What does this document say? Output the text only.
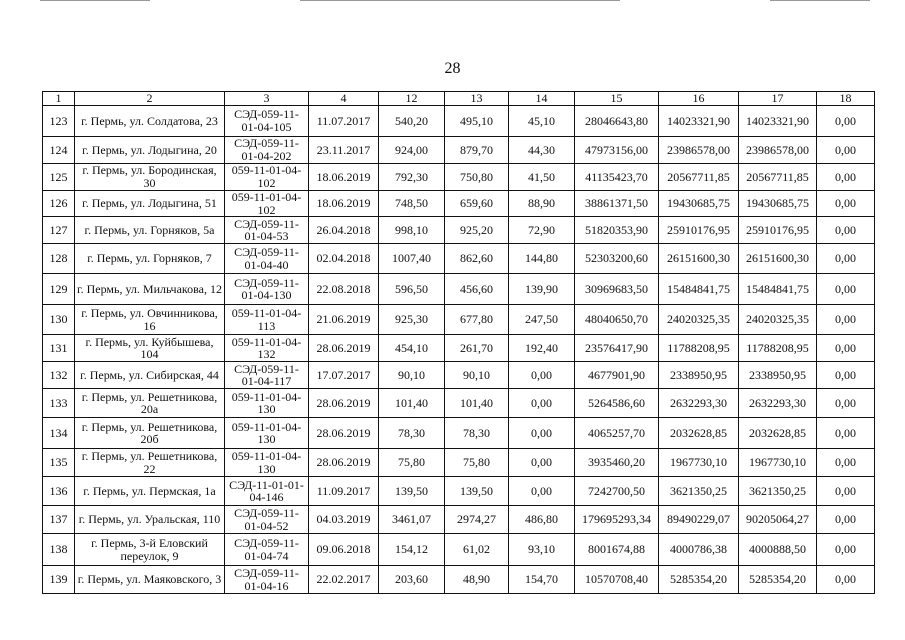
28
1	2	3	4	12	13	14	15	16	17	18
123	г. Пермь, ул. Солдатова, 23	СЭД-059-11-01-04-105	11.07.2017	540,20	495,10	45,10	28046643,80	14023321,90	14023321,90	0,00
124	г. Пермь, ул. Лодыгина, 20	СЭД-059-11-01-04-202	23.11.2017	924,00	879,70	44,30	47973156,00	23986578,00	23986578,00	0,00
125	г. Пермь, ул. Бородинская, 30	059-11-01-04-102	18.06.2019	792,30	750,80	41,50	41135423,70	20567711,85	20567711,85	0,00
126	г. Пермь, ул. Лодыгина, 51	059-11-01-04-102	18.06.2019	748,50	659,60	88,90	38861371,50	19430685,75	19430685,75	0,00
127	г. Пермь, ул. Горняков, 5а	СЭД-059-11-01-04-53	26.04.2018	998,10	925,20	72,90	51820353,90	25910176,95	25910176,95	0,00
128	г. Пермь, ул. Горняков, 7	СЭД-059-11-01-04-40	02.04.2018	1007,40	862,60	144,80	52303200,60	26151600,30	26151600,30	0,00
129	г. Пермь, ул. Мильчакова, 12	СЭД-059-11-01-04-130	22.08.2018	596,50	456,60	139,90	30969683,50	15484841,75	15484841,75	0,00
130	г. Пермь, ул. Овчинникова, 16	059-11-01-04-113	21.06.2019	925,30	677,80	247,50	48040650,70	24020325,35	24020325,35	0,00
131	г. Пермь, ул. Куйбышева, 104	059-11-01-04-132	28.06.2019	454,10	261,70	192,40	23576417,90	11788208,95	11788208,95	0,00
132	г. Пермь, ул. Сибирская, 44	СЭД-059-11-01-04-117	17.07.2017	90,10	90,10	0,00	4677901,90	2338950,95	2338950,95	0,00
133	г. Пермь, ул. Решетникова, 20а	059-11-01-04-130	28.06.2019	101,40	101,40	0,00	5264586,60	2632293,30	2632293,30	0,00
134	г. Пермь, ул. Решетникова, 20б	059-11-01-04-130	28.06.2019	78,30	78,30	0,00	4065257,70	2032628,85	2032628,85	0,00
135	г. Пермь, ул. Решетникова, 22	059-11-01-04-130	28.06.2019	75,80	75,80	0,00	3935460,20	1967730,10	1967730,10	0,00
136	г. Пермь, ул. Пермская, 1а	СЭД-11-01-01-04-146	11.09.2017	139,50	139,50	0,00	7242700,50	3621350,25	3621350,25	0,00
137	г. Пермь, ул. Уральская, 110	СЭД-059-11-01-04-52	04.03.2019	3461,07	2974,27	486,80	179695293,34	89490229,07	90205064,27	0,00
138	г. Пермь, 3-й Еловский переулок, 9	СЭД-059-11-01-04-74	09.06.2018	154,12	61,02	93,10	8001674,88	4000786,38	4000888,50	0,00
139	г. Пермь, ул. Маяковского, 3	СЭД-059-11-01-04-16	22.02.2017	203,60	48,90	154,70	10570708,40	5285354,20	5285354,20	0,00
